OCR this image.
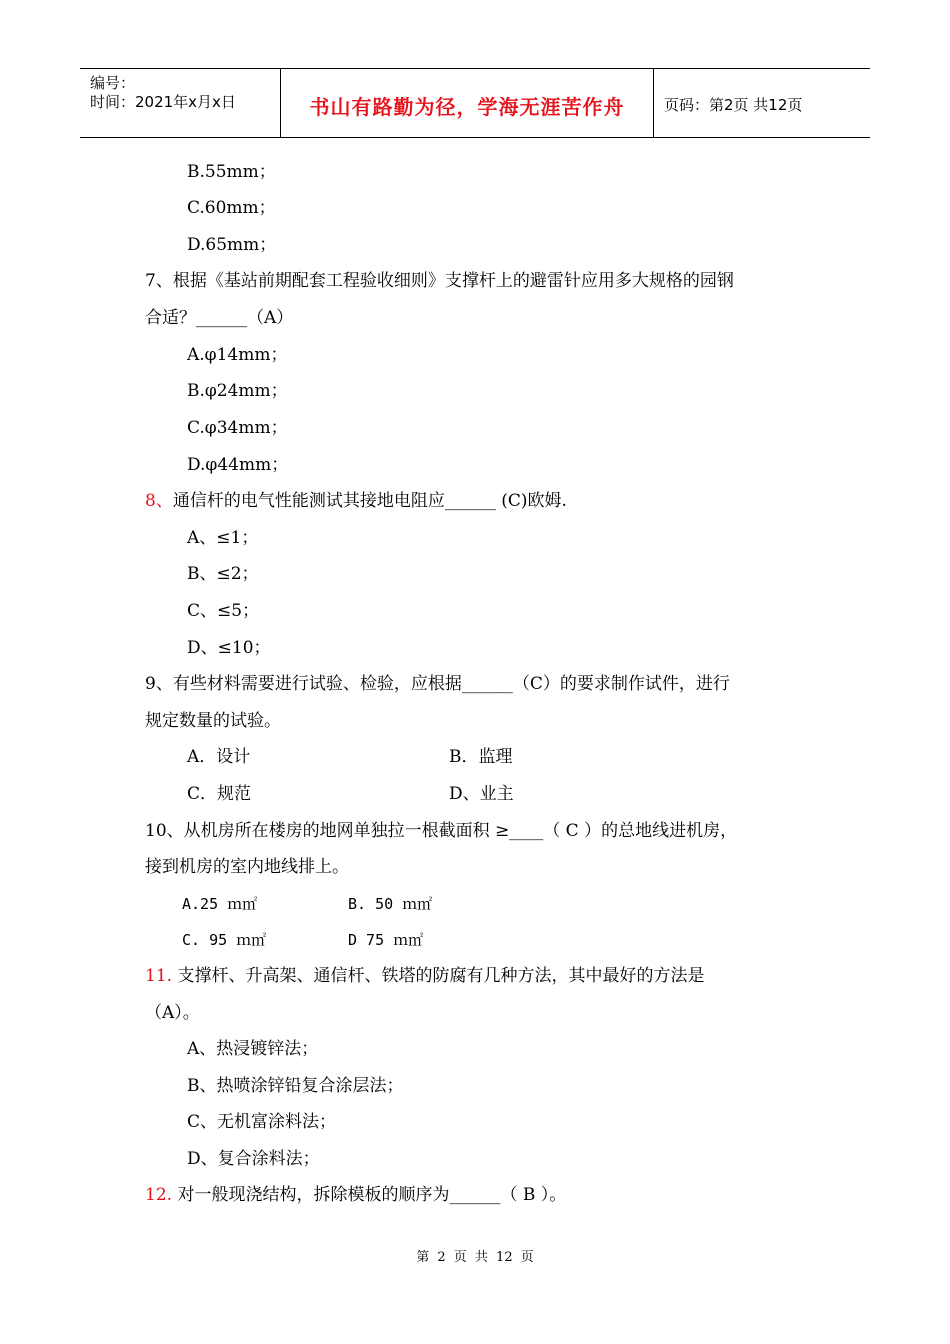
编号：
时间：2021年x月x日	书山有路勤为径，学海无涯苦作舟	页码：第2页 共12页
B.55mm；
C.60mm；
D.65mm；
7、根据《基站前期配套工程验收细则》支撑杆上的避雷针应用多大规格的园钢
合适？______（A）
A.φ14mm；
B.φ24mm；
C.φ34mm；
D.φ44mm；
8、通信杆的电气性能测试其接地电阻应______ (C)欧姆.
A、≤1；
B、≤2；
C、≤5；
D、≤10；
9、有些材料需要进行试验、检验，应根据______（C）的要求制作试件，进行
规定数量的试验。
A．设计	B．监理
C．规范	D、业主
10、从机房所在楼房的地网单独拉一根截面积 ≥____（ C ）的总地线进机房，
接到机房的室内地线排上。
A.25 ｍ㎡	B. 50 ｍ㎡
C. 95 ｍ㎡	D 75 ｍ㎡
11. 支撑杆、升高架、通信杆、铁塔的防腐有几种方法，其中最好的方法是
（A）。
A、热浸镀锌法；
B、热喷涂锌铅复合涂层法；
C、无机富涂料法；
D、复合涂料法；
12. 对一般现浇结构，拆除模板的顺序为______（ B ）。
第 2 页 共 12 页
